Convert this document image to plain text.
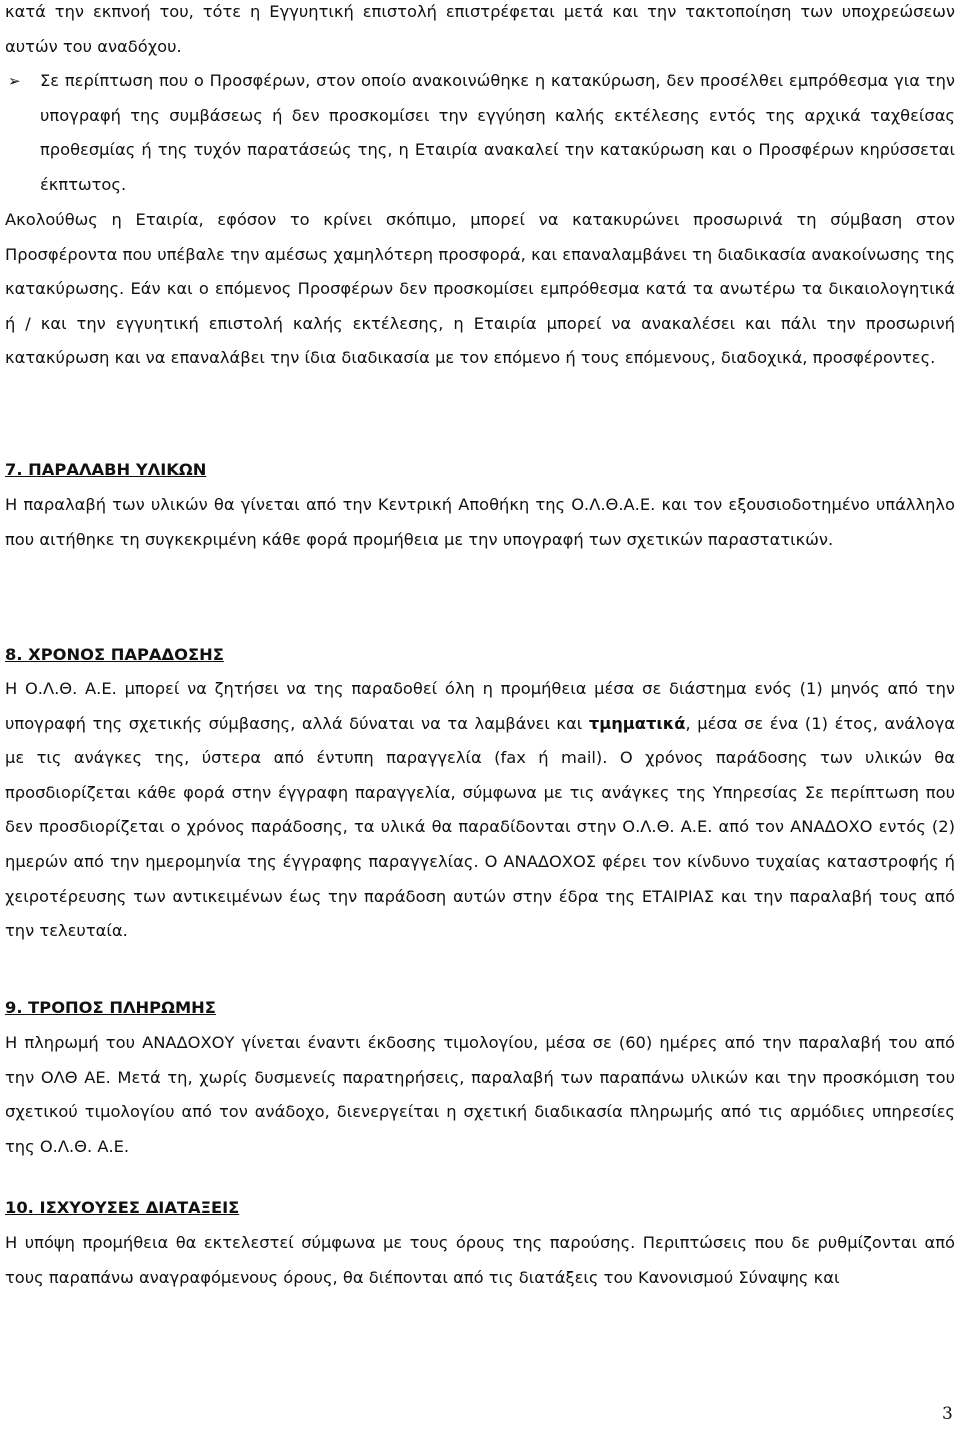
κατά την εκπνοή του, τότε η Εγγυητική επιστολή επιστρέφεται μετά και την τακτοποίηση των υποχρεώσεων αυτών του αναδόχου.

➢ Σε περίπτωση που ο Προσφέρων, στον οποίο ανακοινώθηκε η κατακύρωση, δεν προσέλθει εμπρόθεσμα για την υπογραφή της συμβάσεως ή δεν προσκομίσει την εγγύηση καλής εκτέλεσης εντός της αρχικά ταχθείσας προθεσμίας ή της τυχόν παρατάσεώς της, η Εταιρία ανακαλεί την κατακύρωση και ο Προσφέρων κηρύσσεται έκπτωτος.

Ακολούθως η Εταιρία, εφόσον το κρίνει σκόπιμο, μπορεί να κατακυρώνει προσωρινά τη σύμβαση στον Προσφέροντα που υπέβαλε την αμέσως χαμηλότερη προσφορά, και επαναλαμβάνει τη διαδικασία ανακοίνωσης της κατακύρωσης. Εάν και ο επόμενος Προσφέρων δεν προσκομίσει εμπρόθεσμα κατά τα ανωτέρω τα δικαιολογητικά ή / και την εγγυητική επιστολή καλής εκτέλεσης, η Εταιρία μπορεί να ανακαλέσει και πάλι την προσωρινή κατακύρωση και να επαναλάβει την ίδια διαδικασία με τον επόμενο ή τους επόμενους, διαδοχικά, προσφέροντες.

7. ΠΑΡΑΛΑΒΗ ΥΛΙΚΩΝ

Η παραλαβή των υλικών θα γίνεται από την Κεντρική Αποθήκη της Ο.Λ.Θ.Α.Ε. και τον εξουσιοδοτημένο υπάλληλο που αιτήθηκε τη συγκεκριμένη κάθε φορά προμήθεια με την υπογραφή των σχετικών παραστατικών.

8. ΧΡΟΝΟΣ ΠΑΡΑΔΟΣΗΣ

Η Ο.Λ.Θ. Α.Ε. μπορεί να ζητήσει να της παραδοθεί όλη η προμήθεια μέσα σε διάστημα ενός (1) μηνός από την υπογραφή της σχετικής σύμβασης, αλλά δύναται να τα λαμβάνει και τμηματικά, μέσα σε ένα (1) έτος, ανάλογα με τις ανάγκες της, ύστερα από έντυπη παραγγελία (fax ή mail). Ο χρόνος παράδοσης των υλικών θα προσδιορίζεται κάθε φορά στην έγγραφη παραγγελία, σύμφωνα με τις ανάγκες της Υπηρεσίας Σε περίπτωση που δεν προσδιορίζεται ο χρόνος παράδοσης, τα υλικά θα παραδίδονται στην Ο.Λ.Θ. Α.Ε. από τον ΑΝΑΔΟΧΟ εντός (2) ημερών από την ημερομηνία της έγγραφης παραγγελίας. Ο ΑΝΑΔΟΧΟΣ φέρει τον κίνδυνο τυχαίας καταστροφής ή χειροτέρευσης των αντικειμένων έως την παράδοση αυτών στην έδρα της ΕΤΑΙΡΙΑΣ και την παραλαβή τους από την τελευταία.

9. ΤΡΟΠΟΣ ΠΛΗΡΩΜΗΣ

Η πληρωμή του ΑΝΑΔΟΧΟΥ γίνεται έναντι έκδοσης τιμολογίου, μέσα σε (60) ημέρες από την παραλαβή του από την ΟΛΘ ΑΕ. Μετά τη, χωρίς δυσμενείς παρατηρήσεις, παραλαβή των παραπάνω υλικών και την προσκόμιση του σχετικού τιμολογίου από τον ανάδοχο, διενεργείται η σχετική διαδικασία πληρωμής από τις αρμόδιες υπηρεσίες της Ο.Λ.Θ. Α.Ε.

10. ΙΣΧΥΟΥΣΕΣ ΔΙΑΤΑΞΕΙΣ

Η υπόψη προμήθεια θα εκτελεστεί σύμφωνα με τους όρους της παρούσης. Περιπτώσεις που δε ρυθμίζονται από τους παραπάνω αναγραφόμενους όρους, θα διέπονται από τις διατάξεις του Κανονισμού Σύναψης και

3
